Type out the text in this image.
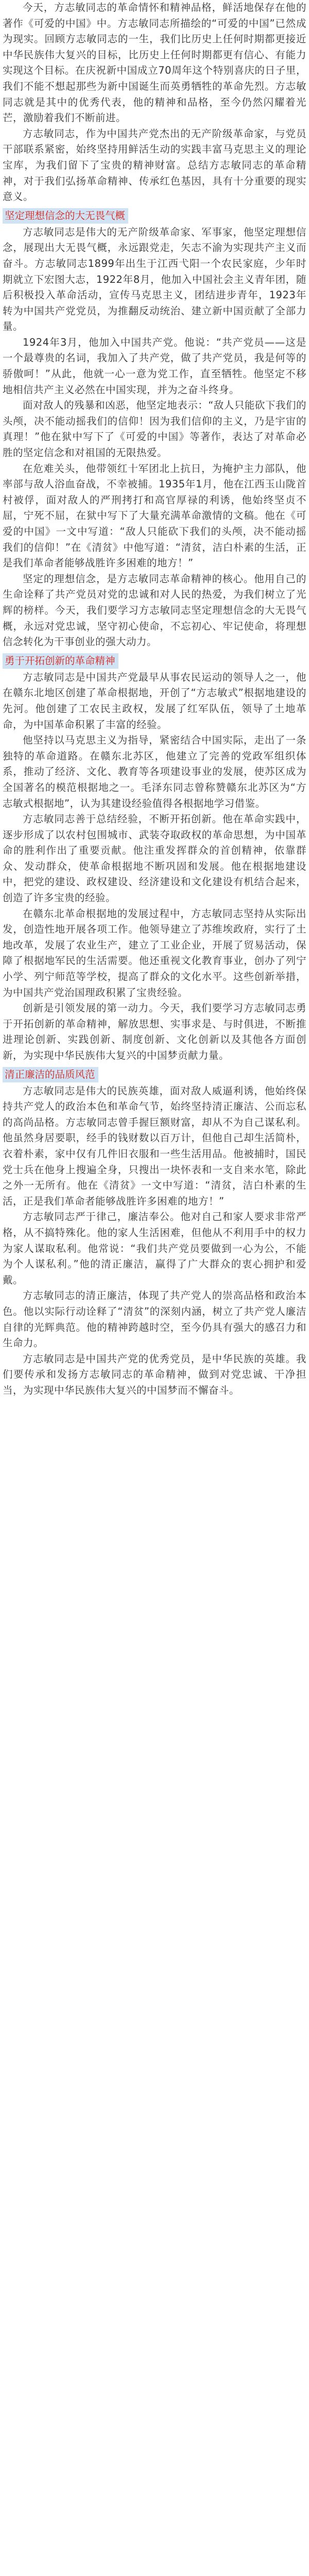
今天，方志敏同志的革命情怀和精神品格，鲜活地保存在他的著作《可爱的中国》中。方志敏同志所描绘的“可爱的中国”已然成为现实。回顾方志敏同志的一生，我们比历史上任何时期都更接近中华民族伟大复兴的目标，比历史上任何时期都更有信心、有能力实现这个目标。在庆祝新中国成立70周年这个特别喜庆的日子里，我们不能不想起那些为新中国诞生而英勇牺牲的革命先烈。方志敏同志就是其中的优秀代表，他的精神和品格，至今仍然闪耀着光芒，激励着我们不断前进。

方志敏同志，作为中国共产党杰出的无产阶级革命家，与党员干部联系紧密，始终坚持用鲜活生动的实践丰富马克思主义的理论宝库，为我们留下了宝贵的精神财富。总结方志敏同志的革命精神，对于我们弘扬革命精神、传承红色基因，具有十分重要的现实意义。

坚定理想信念的大无畏气概

方志敏同志是伟大的无产阶级革命家、军事家，他坚定理想信念，展现出大无畏气概，永远跟党走，矢志不渝为实现共产主义而奋斗。方志敏同志1899年出生于江西弋阳一个农民家庭，少年时期就立下宏图大志，1922年8月，他加入中国社会主义青年团，随后积极投入革命活动，宣传马克思主义，团结进步青年，1923年转为中国共产党党员，为推翻反动统治、建立新中国贡献了全部力量。

1924年3月，他加入中国共产党。他说：“共产党员——这是一个最尊贵的名词，我加入了共产党，做了共产党员，我是何等的骄傲呵！”从此，他就一心一意为党工作，直至牺牲。他坚定不移地相信共产主义必然在中国实现，并为之奋斗终身。

面对敌人的残暴和凶恶，他坚定地表示：“敌人只能砍下我们的头颅，决不能动摇我们的信仰！因为我们信仰的主义，乃是宇宙的真理！”他在狱中写下了《可爱的中国》等著作，表达了对革命必胜的坚定信念和对祖国的无限热爱。

在危难关头，他带领红十军团北上抗日，为掩护主力部队，他率部与敌人浴血奋战，不幸被捕。1935年1月，他在江西玉山陇首村被俘，面对敌人的严刑拷打和高官厚禄的利诱，他始终坚贞不屈，宁死不屈，在狱中写下了大量充满革命激情的文稿。他在《可爱的中国》一文中写道：“敌人只能砍下我们的头颅，决不能动摇我们的信仰！”在《清贫》中他写道：“清贫，洁白朴素的生活，正是我们革命者能够战胜许多困难的地方！”

坚定的理想信念，是方志敏同志革命精神的核心。他用自己的生命诠释了共产党员对党的忠诚和对人民的热爱，为我们树立了光辉的榜样。今天，我们要学习方志敏同志坚定理想信念的大无畏气概，永远对党忠诚，坚守初心使命，不忘初心、牢记使命，将理想信念转化为干事创业的强大动力。

勇于开拓创新的革命精神

方志敏同志是中国共产党最早从事农民运动的领导人之一，他在赣东北地区创建了革命根据地，开创了“方志敏式”根据地建设的先河。他创建了工农民主政权，发展了红军队伍，领导了土地革命，为中国革命积累了丰富的经验。

他坚持以马克思主义为指导，紧密结合中国实际，走出了一条独特的革命道路。在赣东北苏区，他建立了完善的党政军组织体系，推动了经济、文化、教育等各项建设事业的发展，使苏区成为全国著名的模范根据地之一。毛泽东同志曾称赞赣东北苏区为“方志敏式根据地”，认为其建设经验值得各根据地学习借鉴。

方志敏同志善于总结经验，不断开拓创新。他在革命实践中，逐步形成了以农村包围城市、武装夺取政权的革命思想，为中国革命的胜利作出了重要贡献。他注重发挥群众的首创精神，依靠群众、发动群众，使革命根据地不断巩固和发展。他在根据地建设中，把党的建设、政权建设、经济建设和文化建设有机结合起来，创造了许多宝贵的经验。

在赣东北革命根据地的发展过程中，方志敏同志坚持从实际出发，创造性地开展各项工作。他领导建立了苏维埃政府，实行了土地改革，发展了农业生产，建立了工业企业，开展了贸易活动，保障了根据地军民的生活需要。他还重视文化教育事业，创办了列宁小学、列宁师范等学校，提高了群众的文化水平。这些创新举措，为中国共产党治国理政积累了宝贵经验。

创新是引领发展的第一动力。今天，我们要学习方志敏同志勇于开拓创新的革命精神，解放思想、实事求是、与时俱进，不断推进理论创新、实践创新、制度创新、文化创新以及其他各方面创新，为实现中华民族伟大复兴的中国梦贡献力量。

清正廉洁的品质风范

方志敏同志是伟大的民族英雄，面对敌人威逼利诱，他始终保持共产党人的政治本色和革命气节，始终坚持清正廉洁、公而忘私的高尚品格。方志敏同志曾手握巨额财富，却从不为自己谋私利。他虽然身居要职，经手的钱财数以百万计，但他自己却生活简朴，衣着朴素，家中仅有几件旧衣服和一些生活用品。他被捕时，国民党士兵在他身上搜遍全身，只搜出一块怀表和一支自来水笔，除此之外一无所有。他在《清贫》一文中写道：“清贫，洁白朴素的生活，正是我们革命者能够战胜许多困难的地方！”

方志敏同志严于律己，廉洁奉公。他对自己和家人要求非常严格，从不搞特殊化。他的家人生活困难，但他从不利用手中的权力为家人谋取私利。他常说：“我们共产党员要做到一心为公，不能为个人谋私利。”他的清正廉洁，赢得了广大群众的衷心拥护和爱戴。

方志敏同志的清正廉洁，体现了共产党人的崇高品格和政治本色。他以实际行动诠释了“清贫”的深刻内涵，树立了共产党人廉洁自律的光辉典范。他的精神跨越时空，至今仍具有强大的感召力和生命力。

方志敏同志是中国共产党的优秀党员，是中华民族的英雄。我们要传承和发扬方志敏同志的革命精神，做到对党忠诚、干净担当，为实现中华民族伟大复兴的中国梦而不懈奋斗。
